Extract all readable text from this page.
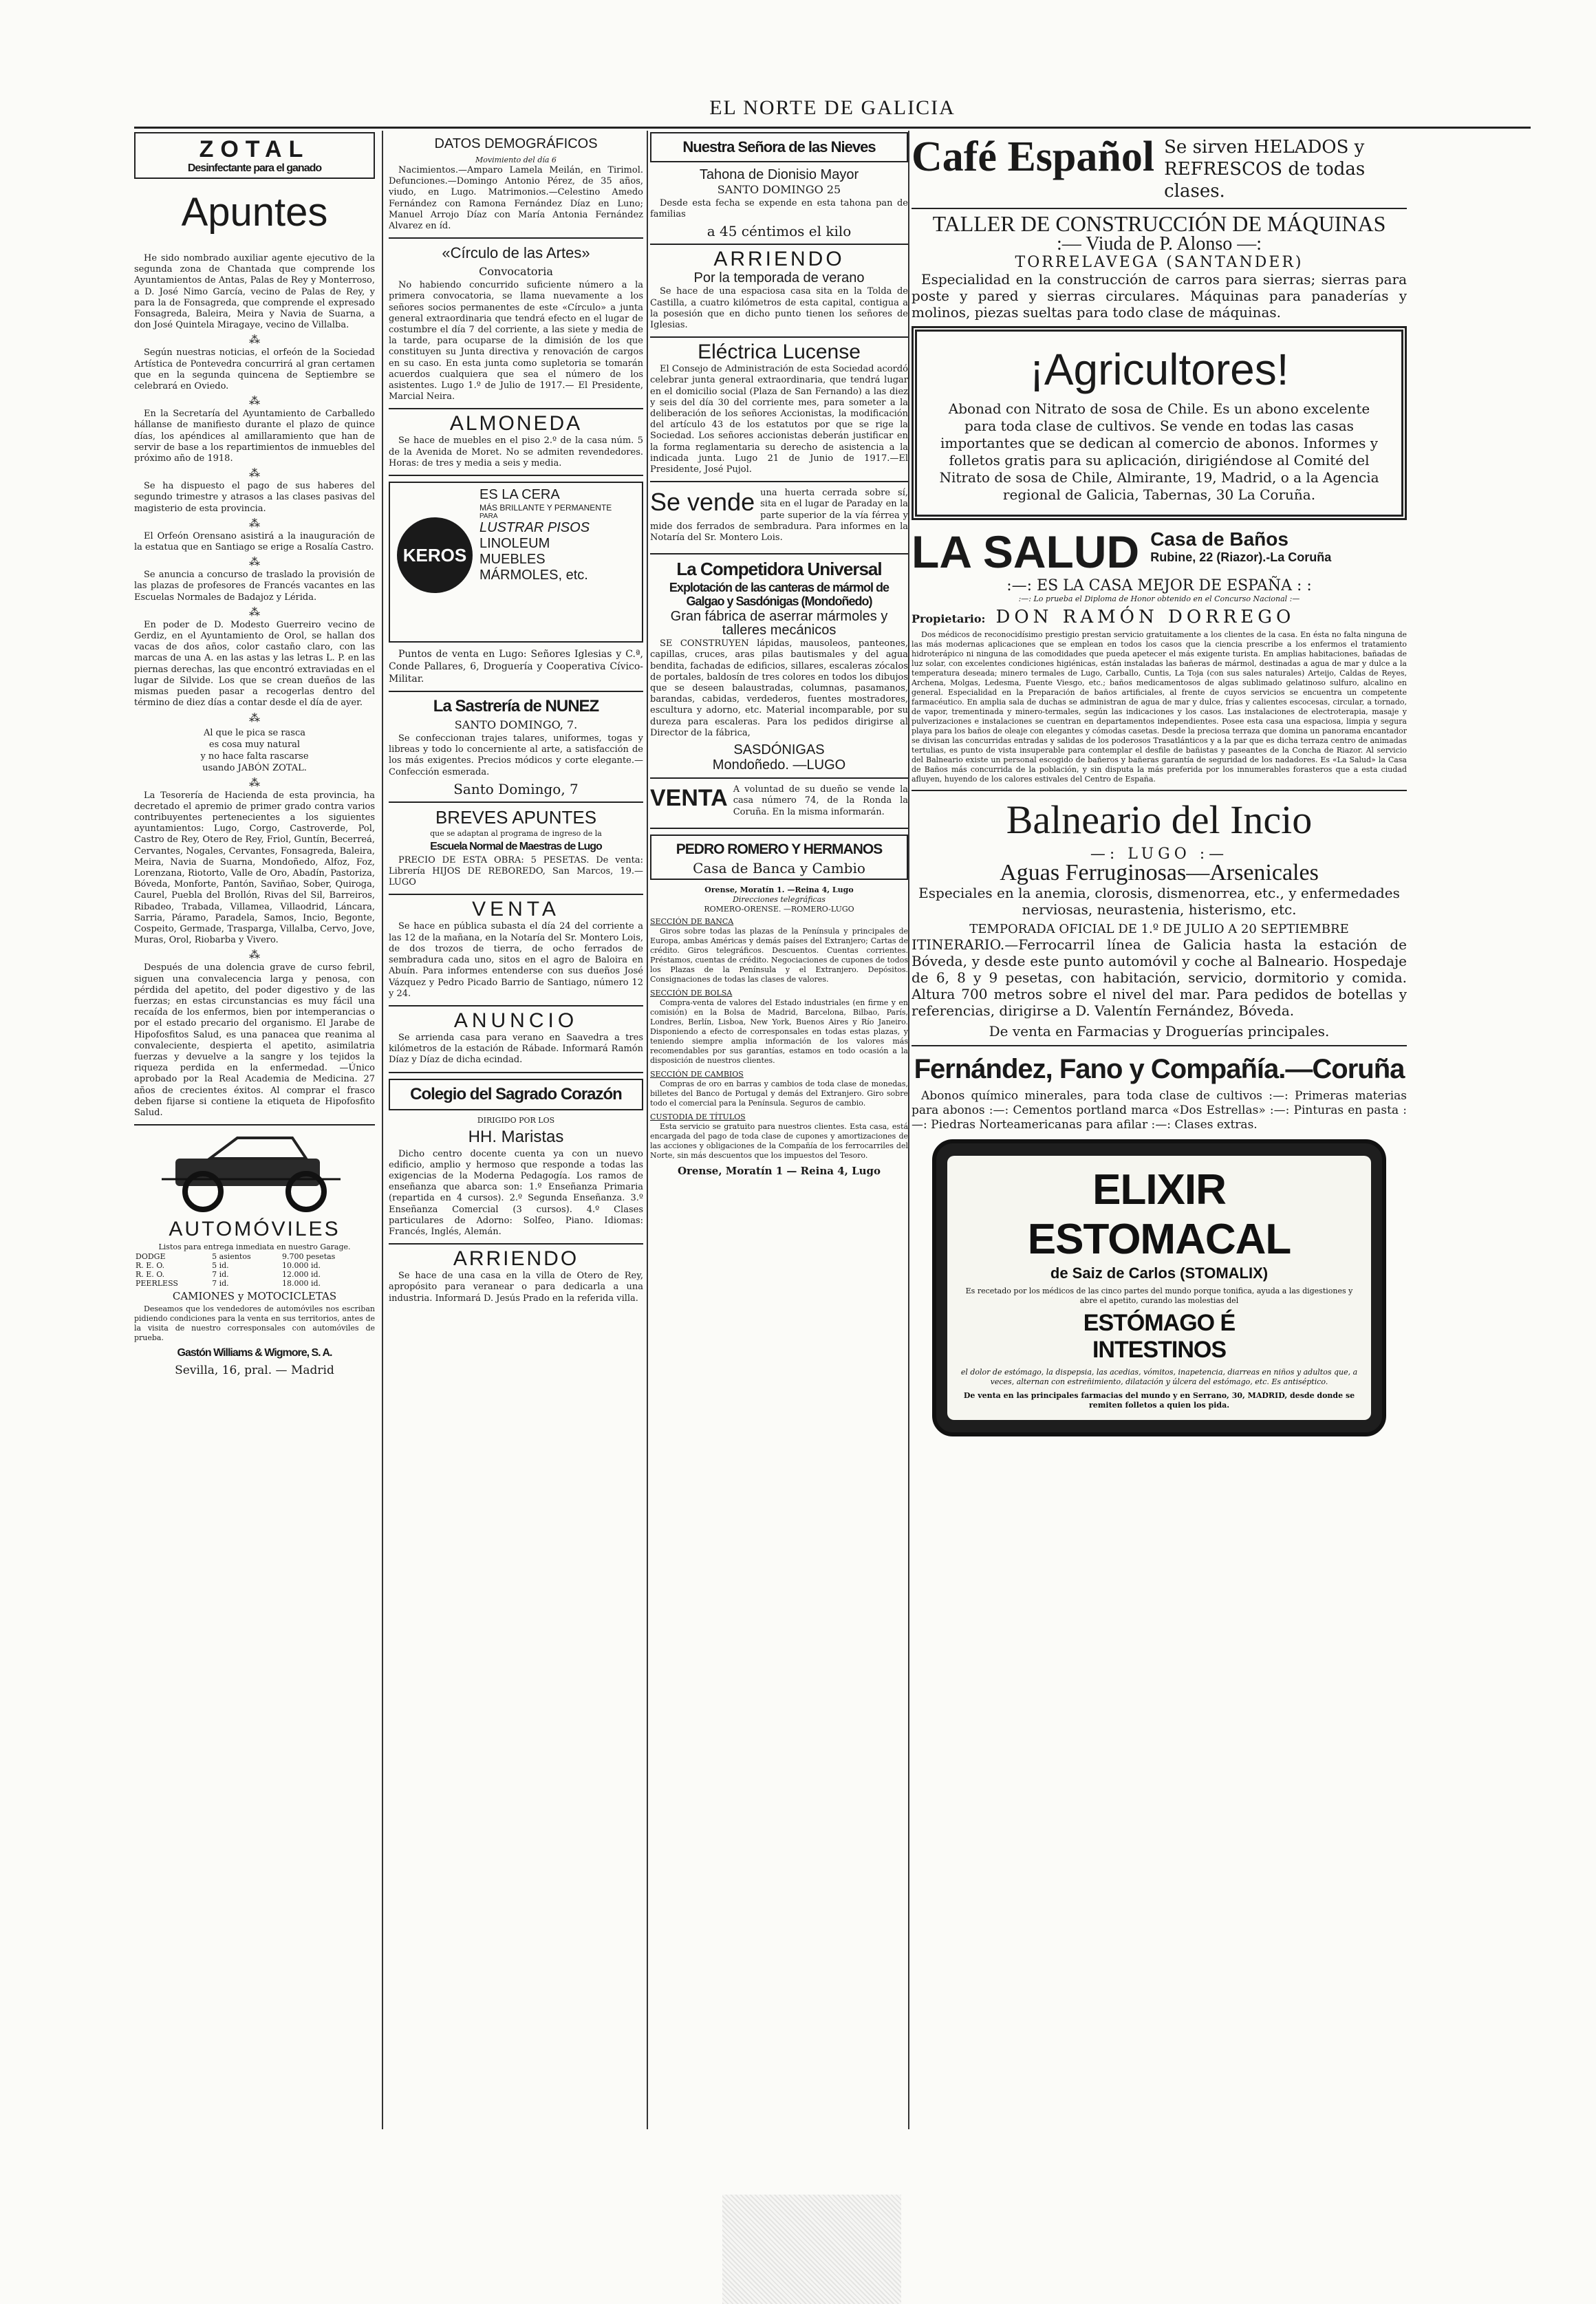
EL NORTE DE GALICIA
ZOTAL
Desinfectante para el ganado
Apuntes

He sido nombrado auxiliar agente ejecutivo de la segunda zona de Chantada que comprende los Ayuntamientos de Antas, Palas de Rey y Monterroso, a D. José Nimo García, vecino de Palas de Rey, y para la de Fonsagreda, que comprende el expresado Fonsagreda, Baleira, Meira y Navia de Suarna, a don José Quintela Miragaye, vecino de Villalba.

⁂

Según nuestras noticias, el orfeón de la Sociedad Artística de Pontevedra concurrirá al gran certamen que en la segunda quincena de Septiembre se celebrará en Oviedo.

⁂

En la Secretaría del Ayuntamiento de Carballedo hállanse de manifiesto durante el plazo de quince días, los apéndices al amillaramiento que han de servir de base a los repartimientos de inmuebles del próximo año de 1918.

⁂

Se ha dispuesto el pago de sus haberes del segundo trimestre y atrasos a las clases pasivas del magisterio de esta provincia.

⁂

El Orfeón Orensano asistirá a la inauguración de la estatua que en Santiago se erige a Rosalía Castro.

⁂

Se anuncia a concurso de traslado la provisión de las plazas de profesores de Francés vacantes en las Escuelas Normales de Badajoz y Lérida.

⁂

En poder de D. Modesto Guerreiro vecino de Gerdiz, en el Ayuntamiento de Orol, se hallan dos vacas de dos años, color castaño claro, con las marcas de una A. en las astas y las letras L. P. en las piernas derechas, las que encontró extraviadas en el lugar de Silvide. Los que se crean dueños de las mismas pueden pasar a recogerlas dentro del término de diez días a contar desde el día de ayer.

⁂
Al que le pica se rasca
es cosa muy natural
y no hace falta rascarse
usando JABÓN ZOTAL.
⁂

La Tesorería de Hacienda de esta provincia, ha decretado el apremio de primer grado contra varios contribuyentes pertenecientes a los siguientes ayuntamientos: Lugo, Corgo, Castroverde, Pol, Castro de Rey, Otero de Rey, Friol, Guntín, Becerreá, Cervantes, Nogales, Cervantes, Fonsagreda, Baleira, Meira, Navia de Suarna, Mondoñedo, Alfoz, Foz, Lorenzana, Riotorto, Valle de Oro, Abadín, Pastoriza, Bóveda, Monforte, Pantón, Saviñao, Sober, Quiroga, Caurel, Puebla del Brollón, Rivas del Sil, Barreiros, Ribadeo, Trabada, Villamea, Villaodrid, Láncara, Sarria, Páramo, Paradela, Samos, Incio, Begonte, Cospeito, Germade, Trasparga, Villalba, Cervo, Jove, Muras, Orol, Riobarba y Vivero.

⁂

Después de una dolencia grave de curso febril, siguen una convalecencia larga y penosa, con pérdida del apetito, del poder digestivo y de las fuerzas; en estas circunstancias es muy fácil una recaída de los enfermos, bien por intemperancias o por el estado precario del organismo. El Jarabe de Hipofosfitos Salud, es una panacea que reanima al convaleciente, despierta el apetito, asimilatria fuerzas y devuelve a la sangre y los tejidos la riqueza perdida en la enfermedad. —Único aprobado por la Real Academia de Medicina. 27 años de crecientes éxitos. Al comprar el frasco deben fijarse si contiene la etiqueta de Hipofosfito Salud.

AUTOMÓVILES
Listos para entrega inmediata en nuestro Garage.
DODGE	5 asientos	9.700 pesetas
R. E. O.	5 id.	10.000 id.
R. E. O.	7 id.	12.000 id.
PEERLESS	7 id.	18.000 id.
CAMIONES y MOTOCICLETAS

Deseamos que los vendedores de automóviles nos escriban pidiendo condiciones para la venta en sus territorios, antes de la visita de nuestro corresponsales con automóviles de prueba.

Gastón Williams & Wigmore, S. A.
Sevilla, 16, pral. — Madrid
DATOS DEMOGRÁFICOS
Movimiento del día 6

Nacimientos.—Amparo Lamela Meilán, en Tirimol. Defunciones.—Domingo Antonio Pérez, de 35 años, viudo, en Lugo. Matrimonios.—Celestino Amedo Fernández con Ramona Fernández Díaz en Luno; Manuel Arrojo Díaz con María Antonia Fernández Alvarez en íd.

«Círculo de las Artes»
Convocatoria

No habiendo concurrido suficiente número a la primera convocatoria, se llama nuevamente a los señores socios permanentes de este «Círculo» a junta general extraordinaria que tendrá efecto en el lugar de costumbre el día 7 del corriente, a las siete y media de la tarde, para ocuparse de la dimisión de los que constituyen su Junta directiva y renovación de cargos en su caso. En esta junta como supletoria se tomarán acuerdos cualquiera que sea el número de los asistentes. Lugo 1.º de Julio de 1917.— El Presidente, Marcial Neira.

ALMONEDA

Se hace de muebles en el piso 2.º de la casa núm. 5 de la Avenida de Moret. No se admiten revendedores. Horas: de tres y media a seis y media.

KEROS
ES LA CERA
MÁS BRILLANTE Y PERMANENTE
PARA
LUSTRAR PISOS
LINOLEUM
MUEBLES
MÁRMOLES, etc.

Puntos de venta en Lugo: Señores Iglesias y C.ª, Conde Pallares, 6, Droguería y Cooperativa Cívico-Militar.

La Sastrería de NUNEZ
SANTO DOMINGO, 7.

Se confeccionan trajes talares, uniformes, togas y libreas y todo lo concerniente al arte, a satisfacción de los más exigentes. Precios módicos y corte elegante.— Confección esmerada.

Santo Domingo, 7
BREVES APUNTES
que se adaptan al programa de ingreso de la
Escuela Normal de Maestras de Lugo

PRECIO DE ESTA OBRA: 5 PESETAS. De venta: Librería HIJOS DE REBOREDO, San Marcos, 19.—LUGO

VENTA

Se hace en pública subasta el día 24 del corriente a las 12 de la mañana, en la Notaría del Sr. Montero Lois, de dos trozos de tierra, de ocho ferrados de sembradura cada uno, sitos en el agro de Baloira en Abuín. Para informes entenderse con sus dueños José Vázquez y Pedro Picado Barrio de Santiago, número 12 y 24.

ANUNCIO

Se arrienda casa para verano en Saavedra a tres kilómetros de la estación de Rábade. Informará Ramón Díaz y Díaz de dicha ecindad.

Colegio del Sagrado Corazón
DIRIGIDO POR LOS
HH. Maristas

Dicho centro docente cuenta ya con un nuevo edificio, amplio y hermoso que responde a todas las exigencias de la Moderna Pedagogía. Los ramos de enseñanza que abarca son: 1.º Enseñanza Primaria (repartida en 4 cursos). 2.º Segunda Enseñanza. 3.º Enseñanza Comercial (3 cursos). 4.º Clases particulares de Adorno: Solfeo, Piano. Idiomas: Francés, Inglés, Alemán.

ARRIENDO

Se hace de una casa en la villa de Otero de Rey, apropósito para veranear o para dedicarla a una industria. Informará D. Jesús Prado en la referida villa.

Nuestra Señora de las Nieves
Tahona de Dionisio Mayor
SANTO DOMINGO 25

Desde esta fecha se expende en esta tahona pan de familias

a 45 céntimos el kilo
ARRIENDO
Por la temporada de verano

Se hace de una espaciosa casa sita en la Tolda de Castilla, a cuatro kilómetros de esta capital, contigua a la posesión que en dicho punto tienen los señores de Iglesias.

Eléctrica Lucense

El Consejo de Administración de esta Sociedad acordó celebrar junta general extraordinaria, que tendrá lugar en el domicilio social (Plaza de San Fernando) a las diez y seis del día 30 del corriente mes, para someter a la deliberación de los señores Accionistas, la modificación del artículo 43 de los estatutos por que se rige la Sociedad. Los señores accionistas deberán justificar en la forma reglamentaria su derecho de asistencia a la indicada junta. Lugo 21 de Junio de 1917.—El Presidente, José Pujol.

Se vende una huerta cerrada sobre sí, sita en el lugar de Paraday en la parte superior de la vía férrea y mide dos ferrados de sembradura. Para informes en la Notaría del Sr. Montero Lois.

La Competidora Universal
Explotación de las canteras de mármol de Galgao y Sasdónigas (Mondoñedo)
Gran fábrica de aserrar mármoles y talleres mecánicos

SE CONSTRUYEN lápidas, mausoleos, panteones, capillas, cruces, aras pilas bautismales y del agua bendita, fachadas de edificios, sillares, escaleras zócalos de portales, baldosín de tres colores en todos los dibujos que se deseen balaustradas, columnas, pasamanos, barandas, cabidas, verdederos, fuentes mostradores, escultura y adorno, etc. Material incomparable, por su dureza para escaleras. Para los pedidos dirigirse al Director de la fábrica,

SASDÓNIGAS
Mondoñedo. —LUGO
VENTA A voluntad de su dueño se vende la casa número 74, de la Ronda la Coruña. En la misma informarán.

PEDRO ROMERO Y HERMANOS
Casa de Banca y Cambio
Orense, Moratín 1. —Reina 4, Lugo
Direcciones telegráficas
ROMERO-ORENSE. —ROMERO-LUGO
SECCIÓN DE BANCA

Giros sobre todas las plazas de la Península y principales de Europa, ambas Américas y demás países del Extranjero; Cartas de crédito. Giros telegráficos. Descuentos. Cuentas corrientes. Préstamos, cuentas de crédito. Negociaciones de cupones de todos los Plazas de la Península y el Extranjero. Depósitos. Consignaciones de todas las clases de valores.

SECCIÓN DE BOLSA

Compra-venta de valores del Estado industriales (en firme y en comisión) en la Bolsa de Madrid, Barcelona, Bilbao, París, Londres, Berlín, Lisboa, New York, Buenos Aires y Río Janeiro. Disponiendo a efecto de corresponsales en todas estas plazas, y teniendo siempre amplia información de los valores más recomendables por sus garantías, estamos en todo ocasión a la disposición de nuestros clientes.

SECCIÓN DE CAMBIOS

Compras de oro en barras y cambios de toda clase de monedas, billetes del Banco de Portugal y demás del Extranjero. Giro sobre todo el comercial para la Península. Seguros de cambio.

CUSTODIA DE TÍTULOS

Esta servicio se gratuito para nuestros clientes. Esta casa, está encargada del pago de toda clase de cupones y amortizaciones de las acciones y obligaciones de la Compañía de los ferrocarriles del Norte, sin más descuentos que los impuestos del Tesoro.

Orense, Moratín 1 — Reina 4, Lugo
Café Español Se sirven HELADOS y REFRESCOS de todas clases.
TALLER DE CONSTRUCCIÓN DE MÁQUINAS
:— Viuda de P. Alonso —:
TORRELAVEGA (SANTANDER)

Especialidad en la construcción de carros para sierras; sierras para poste y pared y sierras circulares. Máquinas para panaderías y molinos, piezas sueltas para todo clase de máquinas.

¡Agricultores!

Abonad con Nitrato de sosa de Chile. Es un abono excelente para toda clase de cultivos. Se vende en todas las casas importantes que se dedican al comercio de abonos. Informes y folletos gratis para su aplicación, dirigiéndose al Comité del Nitrato de sosa de Chile, Almirante, 19, Madrid, o a la Agencia regional de Galicia, Tabernas, 30 La Coruña.

LA SALUD Casa de Baños
Rubine, 22 (Riazor).-La Coruña
:—: ES LA CASA MEJOR DE ESPAÑA : :
:—: Lo prueba el Diploma de Honor obtenido en el Concurso Nacional :—
Propietario: DON RAMÓN DORREGO

Dos médicos de reconocidísimo prestigio prestan servicio gratuitamente a los clientes de la casa. En ésta no falta ninguna de las más modernas aplicaciones que se emplean en todos los casos que la ciencia prescribe a los enfermos el tratamiento hidroterápico ni ninguna de las comodidades que pueda apetecer el más exigente turista. En amplias habitaciones, bañadas de luz solar, con excelentes condiciones higiénicas, están instaladas las bañeras de mármol, destinadas a agua de mar y dulce a la temperatura deseada; minero termales de Lugo, Carballo, Cuntis, La Toja (con sus sales naturales) Arteijo, Caldas de Reyes, Archena, Molgas, Ledesma, Fuente Viesgo, etc.; baños medicamentosos de algas sublimado gelatinoso sulfuro, alcalino en general. Especialidad en la Preparación de baños artificiales, al frente de cuyos servicios se encuentra un competente farmacéutico. En amplia sala de duchas se administran de agua de mar y dulce, frías y calientes escocesas, circular, a tornado, de vapor, trementinada y minero-termales, según las indicaciones y los casos. Las instalaciones de electroterapia, masaje y pulverizaciones e instalaciones se cuentran en departamentos independientes. Posee esta casa una espaciosa, limpia y segura playa para los baños de oleaje con elegantes y cómodas casetas. Desde la preciosa terraza que domina un panorama encantador se divisan las concurridas entradas y salidas de los poderosos Trasatlánticos y a la par que es dicha terraza centro de animadas tertulias, es punto de vista insuperable para contemplar el desfile de bañistas y paseantes de la Concha de Riazor. Al servicio del Balneario existe un personal escogido de bañeros y bañeras garantía de seguridad de los nadadores. Es «La Salud» la Casa de Baños más concurrida de la población, y sin disputa la más preferida por los innumerables forasteros que a esta ciudad afluyen, huyendo de los calores estivales del Centro de España.

Balneario del Incio
—: LUGO :—
Aguas Ferruginosas—Arsenicales
Especiales en la anemia, clorosis, dismenorrea, etc., y enfermedades nerviosas, neurastenia, histerismo, etc.
TEMPORADA OFICIAL DE 1.º DE JULIO A 20 SEPTIEMBRE

ITINERARIO.—Ferrocarril línea de Galicia hasta la estación de Bóveda, y desde este punto automóvil y coche al Balneario. Hospedaje de 6, 8 y 9 pesetas, con habitación, servicio, dormitorio y comida. Altura 700 metros sobre el nivel del mar. Para pedidos de botellas y referencias, dirigirse a D. Valentín Fernández, Bóveda.

De venta en Farmacias y Droguerías principales.
Fernández, Fano y Compañía.—Coruña

Abonos químico minerales, para toda clase de cultivos :—: Primeras materias para abonos :—: Cementos portland marca «Dos Estrellas» :—: Pinturas en pasta :—: Piedras Norteamericanas para afilar :—: Clases extras.

ELIXIR ESTOMACAL
de Saiz de Carlos (STOMALIX)
Es recetado por los médicos de las cinco partes del mundo porque tonifica, ayuda a las digestiones y abre el apetito, curando las molestias del
ESTÓMAGO É
INTESTINOS
el dolor de estómago, la dispepsia, las acedias, vómitos, inapetencia, diarreas en niños y adultos que, a veces, alternan con estreñimiento, dilatación y úlcera del estómago, etc. Es antiséptico.
De venta en las principales farmacias del mundo y en Serrano, 30, MADRID, desde donde se remiten folletos a quien los pida.
